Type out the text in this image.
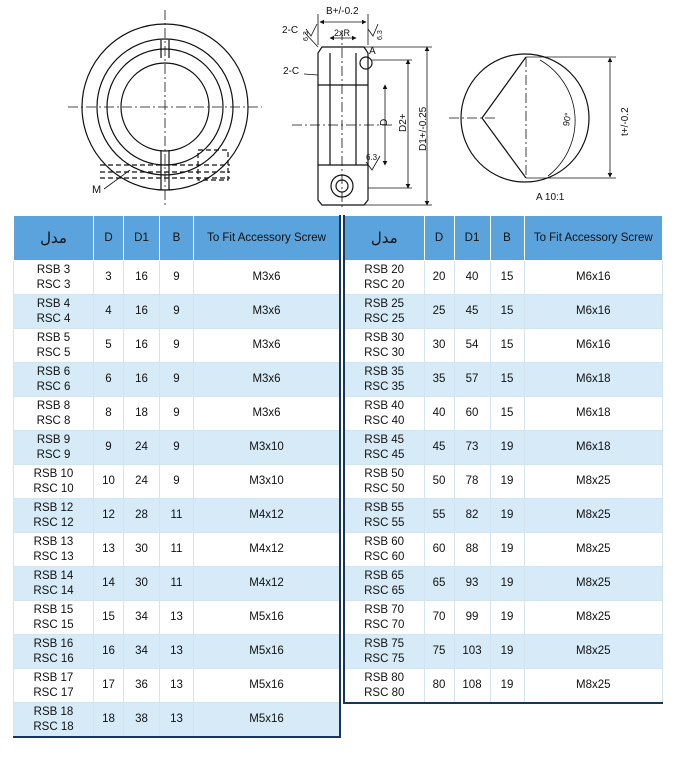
M
B+/-0.2
2xR
2-C
2-C
6.3	6.3
A
6.3
D D2+ D1+/-0.25	90°	t+/-0.2
A 10:1
مدل	D	D1	B	To Fit Accessory Screw

RSB 3
RSC 3	3	16	9	M3x6

RSB 4
RSC 4	4	16	9	M3x6

RSB 5
RSC 5	5	16	9	M3x6

RSB 6
RSC 6	6	16	9	M3x6

RSB 8
RSC 8	8	18	9	M3x6

RSB 9
RSC 9	9	24	9	M3x10

RSB 10
RSC 10	10	24	9	M3x10

RSB 12
RSC 12	12	28	11	M4x12

RSB 13
RSC 13	13	30	11	M4x12

RSB 14
RSC 14	14	30	11	M4x12

RSB 15
RSC 15	15	34	13	M5x16

RSB 16
RSC 16	16	34	13	M5x16

RSB 17
RSC 17	17	36	13	M5x16

RSB 18
RSC 18	18	38	13	M5x16
مدل	D	D1	B	To Fit Accessory Screw

RSB 20
RSC 20	20	40	15	M6x16

RSB 25
RSC 25	25	45	15	M6x16

RSB 30
RSC 30	30	54	15	M6x16

RSB 35
RSC 35	35	57	15	M6x18

RSB 40
RSC 40	40	60	15	M6x18

RSB 45
RSC 45	45	73	19	M6x18

RSB 50
RSC 50	50	78	19	M8x25

RSB 55
RSC 55	55	82	19	M8x25

RSB 60
RSC 60	60	88	19	M8x25

RSB 65
RSC 65	65	93	19	M8x25

RSB 70
RSC 70	70	99	19	M8x25

RSB 75
RSC 75	75	103	19	M8x25

RSB 80
RSC 80	80	108	19	M8x25
